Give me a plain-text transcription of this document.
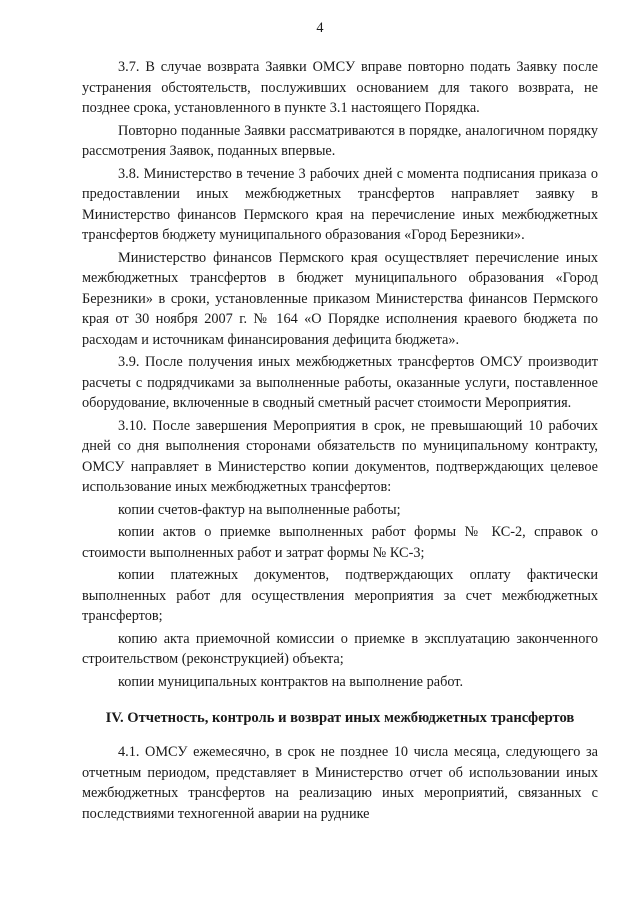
4

3.7. В случае возврата Заявки ОМСУ вправе повторно подать Заявку после устранения обстоятельств, послуживших основанием для такого возврата, не позднее срока, установленного в пункте 3.1 настоящего Порядка.

Повторно поданные Заявки рассматриваются в порядке, аналогичном порядку рассмотрения Заявок, поданных впервые.

3.8. Министерство в течение 3 рабочих дней с момента подписания приказа о предоставлении иных межбюджетных трансфертов направляет заявку в Министерство финансов Пермского края на перечисление иных межбюджетных трансфертов бюджету муниципального образования «Город Березники».

Министерство финансов Пермского края осуществляет перечисление иных межбюджетных трансфертов в бюджет муниципального образования «Город Березники» в сроки, установленные приказом Министерства финансов Пермского края от 30 ноября 2007 г. № 164 «О Порядке исполнения краевого бюджета по расходам и источникам финансирования дефицита бюджета».

3.9. После получения иных межбюджетных трансфертов ОМСУ производит расчеты с подрядчиками за выполненные работы, оказанные услуги, поставленное оборудование, включенные в сводный сметный расчет стоимости Мероприятия.

3.10. После завершения Мероприятия в срок, не превышающий 10 рабочих дней со дня выполнения сторонами обязательств по муниципальному контракту, ОМСУ направляет в Министерство копии документов, подтверждающих целевое использование иных межбюджетных трансфертов:

копии счетов-фактур на выполненные работы;

копии актов о приемке выполненных работ формы № КС-2, справок о стоимости выполненных работ и затрат формы № КС-3;

копии платежных документов, подтверждающих оплату фактически выполненных работ для осуществления мероприятия за счет межбюджетных трансфертов;

копию акта приемочной комиссии о приемке в эксплуатацию законченного строительством (реконструкцией) объекта;

копии муниципальных контрактов на выполнение работ.

IV. Отчетность, контроль и возврат иных межбюджетных трансфертов

4.1. ОМСУ ежемесячно, в срок не позднее 10 числа месяца, следующего за отчетным периодом, представляет в Министерство отчет об использовании иных межбюджетных трансфертов на реализацию иных мероприятий, связанных с последствиями техногенной аварии на руднике
